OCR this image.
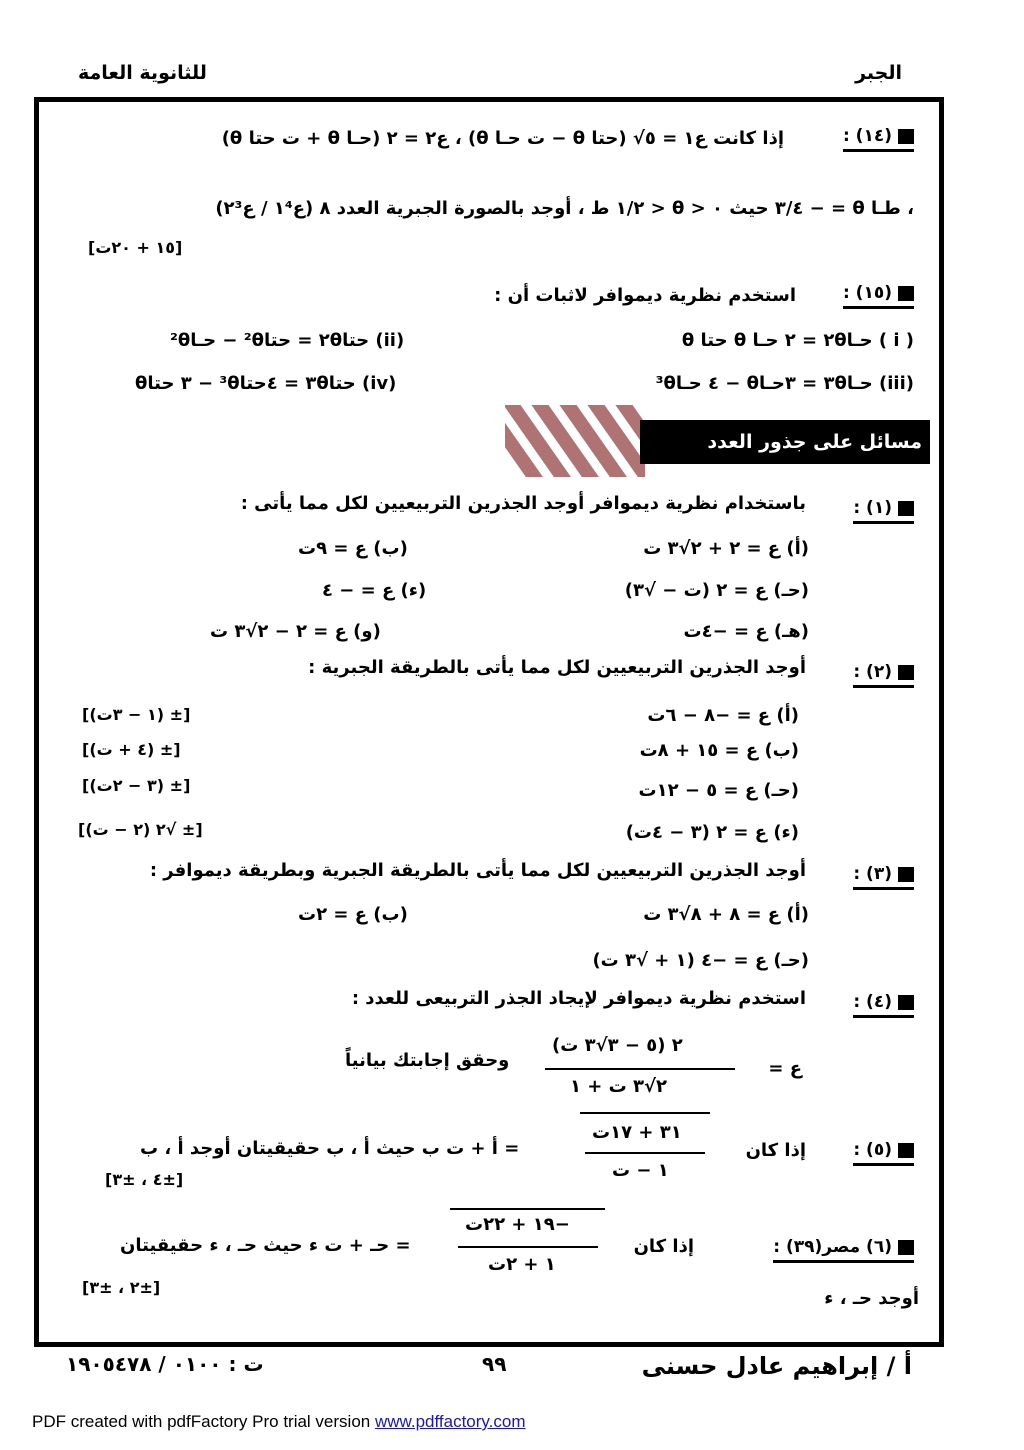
الجبر
للثانوية العامة
(١٤) :
إذا كانت ع١ = ٥√ (حتا θ − ت حـا θ) ، ع٢ = ٢ (حـا θ + ت حتا θ)
، طـا θ = − ٣/٤ حيث ٠ < θ < ١/٢ ط ، أوجد بالصورة الجبرية العدد ٨ (ع١⁴ / ع٢³)
[١٥ + ٢٠ت]
(١٥) :
استخدم نظرية ديموافر لاثبات أن :
( i ) حـا٢θ = ٢ حـا θ حتا θ
(ii) حتا٢θ = حتا²θ − حـا²θ
(iii) حـا٣θ = ٣حـاθ − ٤ حـا³θ
(iv) حتا٣θ = ٤حتا³θ − ٣ حتاθ
مسائل على جذور العدد المركب :
(١) :
باستخدام نظرية ديموافر أوجد الجذرين التربيعيين لكل مما يأتى :
(أ) ع = ٢ + ٢√٣ ت
(ب) ع = ٩ت
(حـ) ع = ٢ (ت − √٣)
(ء) ع = − ٤
(هـ) ع = −٤ت
(و) ع = ٢ − ٢√٣ ت
(٢) :
أوجد الجذرين التربيعيين لكل مما يأتى بالطريقة الجبرية :
(أ) ع = −٨ − ٦ت
[± (١ − ٣ت)]
(ب) ع = ١٥ + ٨ت
[± (٤ + ت)]
(حـ) ع = ٥ − ١٢ت
[± (٣ − ٢ت)]
(ء) ع = ٢ (٣ − ٤ت)
[± √٢ (٢ − ت)]
(٣) :
أوجد الجذرين التربيعيين لكل مما يأتى بالطريقة الجبرية وبطريقة ديموافر :
(أ) ع = ٨ + ٨√٣ ت
(ب) ع = ٢ت
(حـ) ع = −٤ (١ + √٣ ت)
(٤) :
استخدم نظرية ديموافر لإيجاد الجذر التربيعى للعدد :
ع =
٢ (٥ − ٣√٣ ت)
٢√٣ ت + ١
وحقق إجابتك بيانياً
(٥) :
إذا كان
٣١ + ١٧ت
١ − ت
= أ + ت ب حيث أ ، ب حقيقيتان أوجد أ ، ب
[±٤ ، ±٣]
(٦) مصر(٣٩) :
إذا كان
−١٩ + ٢٢ت
١ + ٢ت
= حـ + ت ء حيث حـ ، ء حقيقيتان
[±٢ ، ±٣]
أوجد حـ ، ء
أ / إبراهيم عادل حسنى
٩٩
ت : ٠١٠٠ / ١٩٠٥٤٧٨
PDF created with pdfFactory Pro trial version www.pdffactory.com
